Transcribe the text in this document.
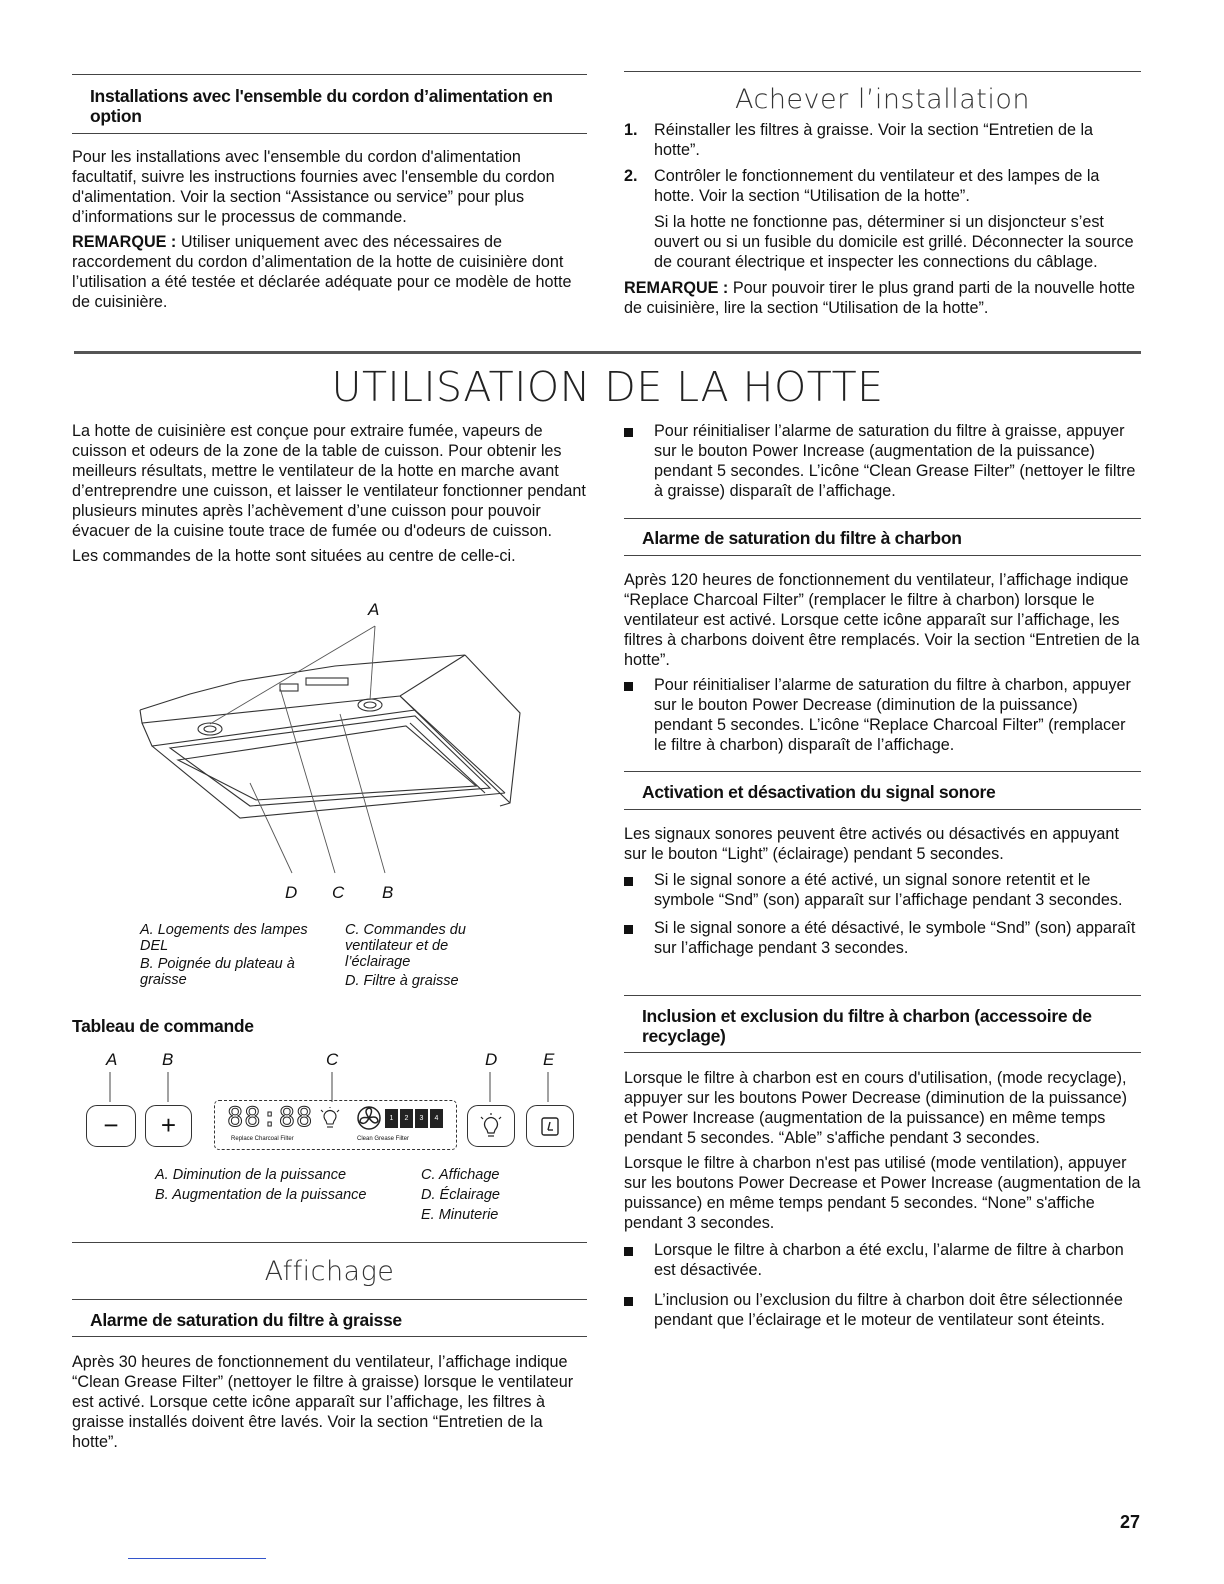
Installations avec l'ensemble du cordon d’alimentation en option

Pour les installations avec l'ensemble du cordon d'alimentation facultatif, suivre les instructions fournies avec l'ensemble du cordon d'alimentation. Voir la section “Assistance ou service” pour plus d’informations sur le processus de commande.

REMARQUE : Utiliser uniquement avec des nécessaires de raccordement du cordon d’alimentation de la hotte de cuisinière dont l’utilisation a été testée et déclarée adéquate pour ce modèle de hotte de cuisinière.

Achever l’installation
1. Réinstaller les filtres à graisse. Voir la section “Entretien de la hotte”.
2. Contrôler le fonctionnement du ventilateur et des lampes de la hotte. Voir la section “Utilisation de la hotte”.

Si la hotte ne fonctionne pas, déterminer si un disjoncteur s’est ouvert ou si un fusible du domicile est grillé. Déconnecter la source de courant électrique et inspecter les connections du câblage.

REMARQUE : Pour pouvoir tirer le plus grand parti de la nouvelle hotte de cuisinière, lire la section “Utilisation de la hotte”.

UTILISATION DE LA HOTTE

La hotte de cuisinière est conçue pour extraire fumée, vapeurs de cuisson et odeurs de la zone de la table de cuisson. Pour obtenir les meilleurs résultats, mettre le ventilateur de la hotte en marche avant d’entreprendre une cuisson, et laisser le ventilateur fonctionner pendant plusieurs minutes après l’achèvement d’une cuisson pour pouvoir évacuer de la cuisine toute trace de fumée ou d'odeurs de cuisson.

Les commandes de la hotte sont situées au centre de celle-ci.

A
D C B
A. Logements des lampes DEL
B. Poignée du plateau à graisse
C. Commandes du ventilateur et de l’éclairage
D. Filtre à graisse
Tableau de commande
A	B	C	D	E
−	+	88:88
Replace Charcoal Filter
1	2	3	4
Clean Grease Filter
A. Diminution de la puissance
B. Augmentation de la puissance
C. Affichage
D. Éclairage
E. Minuterie
Affichage
Alarme de saturation du filtre à graisse

Après 30 heures de fonctionnement du ventilateur, l’affichage indique “Clean Grease Filter” (nettoyer le filtre à graisse) lorsque le ventilateur est activé. Lorsque cette icône apparaît sur l’affichage, les filtres à graisse installés doivent être lavés. Voir la section “Entretien de la hotte”.

Pour réinitialiser l’alarme de saturation du filtre à graisse, appuyer sur le bouton Power Increase (augmentation de la puissance) pendant 5 secondes. L’icône “Clean Grease Filter” (nettoyer le filtre à graisse) disparaît de l’affichage.
Alarme de saturation du filtre à charbon

Après 120 heures de fonctionnement du ventilateur, l’affichage indique “Replace Charcoal Filter” (remplacer le filtre à charbon) lorsque le ventilateur est activé. Lorsque cette icône apparaît sur l’affichage, les filtres à charbons doivent être remplacés. Voir la section “Entretien de la hotte”.

Pour réinitialiser l’alarme de saturation du filtre à charbon, appuyer sur le bouton Power Decrease (diminution de la puissance) pendant 5 secondes. L’icône “Replace Charcoal Filter” (remplacer le filtre à charbon) disparaît de l’affichage.
Activation et désactivation du signal sonore

Les signaux sonores peuvent être activés ou désactivés en appuyant sur le bouton “Light” (éclairage) pendant 5 secondes.

Si le signal sonore a été activé, un signal sonore retentit et le symbole “Snd” (son) apparaît sur l’affichage pendant 3 secondes.
Si le signal sonore a été désactivé, le symbole “Snd” (son) apparaît sur l’affichage pendant 3 secondes.
Inclusion et exclusion du filtre à charbon (accessoire de recyclage)

Lorsque le filtre à charbon est en cours d'utilisation, (mode recyclage), appuyer sur les boutons Power Decrease (diminution de la puissance) et Power Increase (augmentation de la puissance) en même temps pendant 5 secondes. “Able” s'affiche pendant 3 secondes.

Lorsque le filtre à charbon n'est pas utilisé (mode ventilation), appuyer sur les boutons Power Decrease et Power Increase (augmentation de la puissance) en même temps pendant 5 secondes. “None” s'affiche pendant 3 secondes.

Lorsque le filtre à charbon a été exclu, l’alarme de filtre à charbon est désactivée.
L’inclusion ou l’exclusion du filtre à charbon doit être sélectionnée pendant que l’éclairage et le moteur de ventilateur sont éteints.
27
